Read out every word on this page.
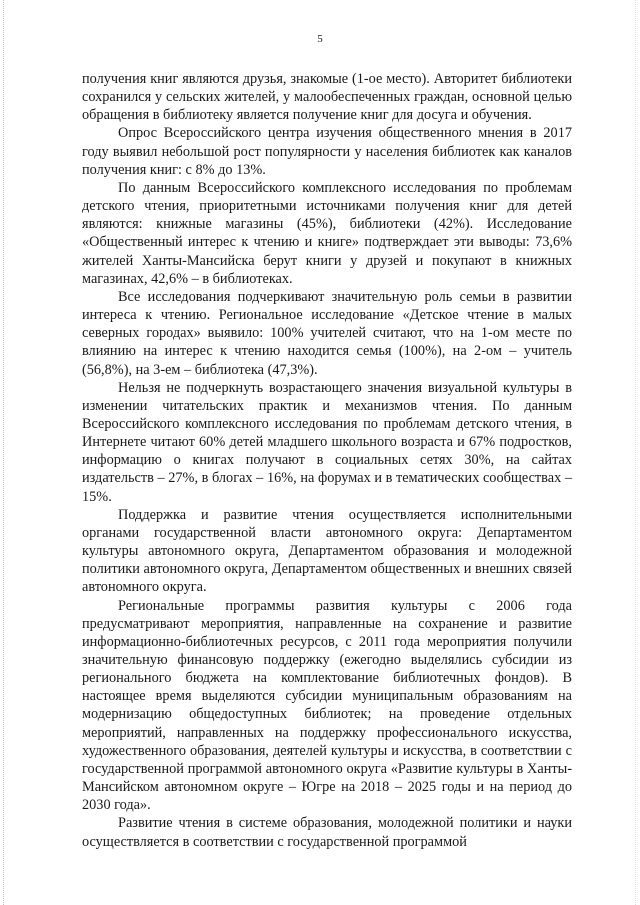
5

получения книг являются друзья, знакомые (1-ое место). Авторитет библиотеки сохранился у сельских жителей, у малообеспеченных граждан, основной целью обращения в библиотеку является получение книг для досуга и обучения.

Опрос Всероссийского центра изучения общественного мнения в 2017 году выявил небольшой рост популярности у населения библиотек как каналов получения книг: с 8% до 13%.

По данным Всероссийского комплексного исследования по проблемам детского чтения, приоритетными источниками получения книг для детей являются: книжные магазины (45%), библиотеки (42%). Исследование «Общественный интерес к чтению и книге» подтверждает эти выводы: 73,6% жителей Ханты-Мансийска берут книги у друзей и покупают в книжных магазинах, 42,6% – в библиотеках.

Все исследования подчеркивают значительную роль семьи в развитии интереса к чтению. Региональное исследование «Детское чтение в малых северных городах» выявило: 100% учителей считают, что на 1-ом месте по влиянию на интерес к чтению находится семья (100%), на 2-ом – учитель (56,8%), на 3-ем – библиотека (47,3%).

Нельзя не подчеркнуть возрастающего значения визуальной культуры в изменении читательских практик и механизмов чтения. По данным Всероссийского комплексного исследования по проблемам детского чтения, в Интернете читают 60% детей младшего школьного возраста и 67% подростков, информацию о книгах получают в социальных сетях 30%, на сайтах издательств – 27%, в блогах – 16%, на форумах и в тематических сообществах – 15%.

Поддержка и развитие чтения осуществляется исполнительными органами государственной власти автономного округа: Департаментом культуры автономного округа, Департаментом образования и молодежной политики автономного округа, Департаментом общественных и внешних связей автономного округа.

Региональные программы развития культуры с 2006 года предусматривают мероприятия, направленные на сохранение и развитие информационно-библиотечных ресурсов, с 2011 года мероприятия получили значительную финансовую поддержку (ежегодно выделялись субсидии из регионального бюджета на комплектование библиотечных фондов). В настоящее время выделяются субсидии муниципальным образованиям на модернизацию общедоступных библиотек; на проведение отдельных мероприятий, направленных на поддержку профессионального искусства, художественного образования, деятелей культуры и искусства, в соответствии с государственной программой автономного округа «Развитие культуры в Ханты-Мансийском автономном округе – Югре на 2018 – 2025 годы и на период до 2030 года».

Развитие чтения в системе образования, молодежной политики и науки осуществляется в соответствии с государственной программой
